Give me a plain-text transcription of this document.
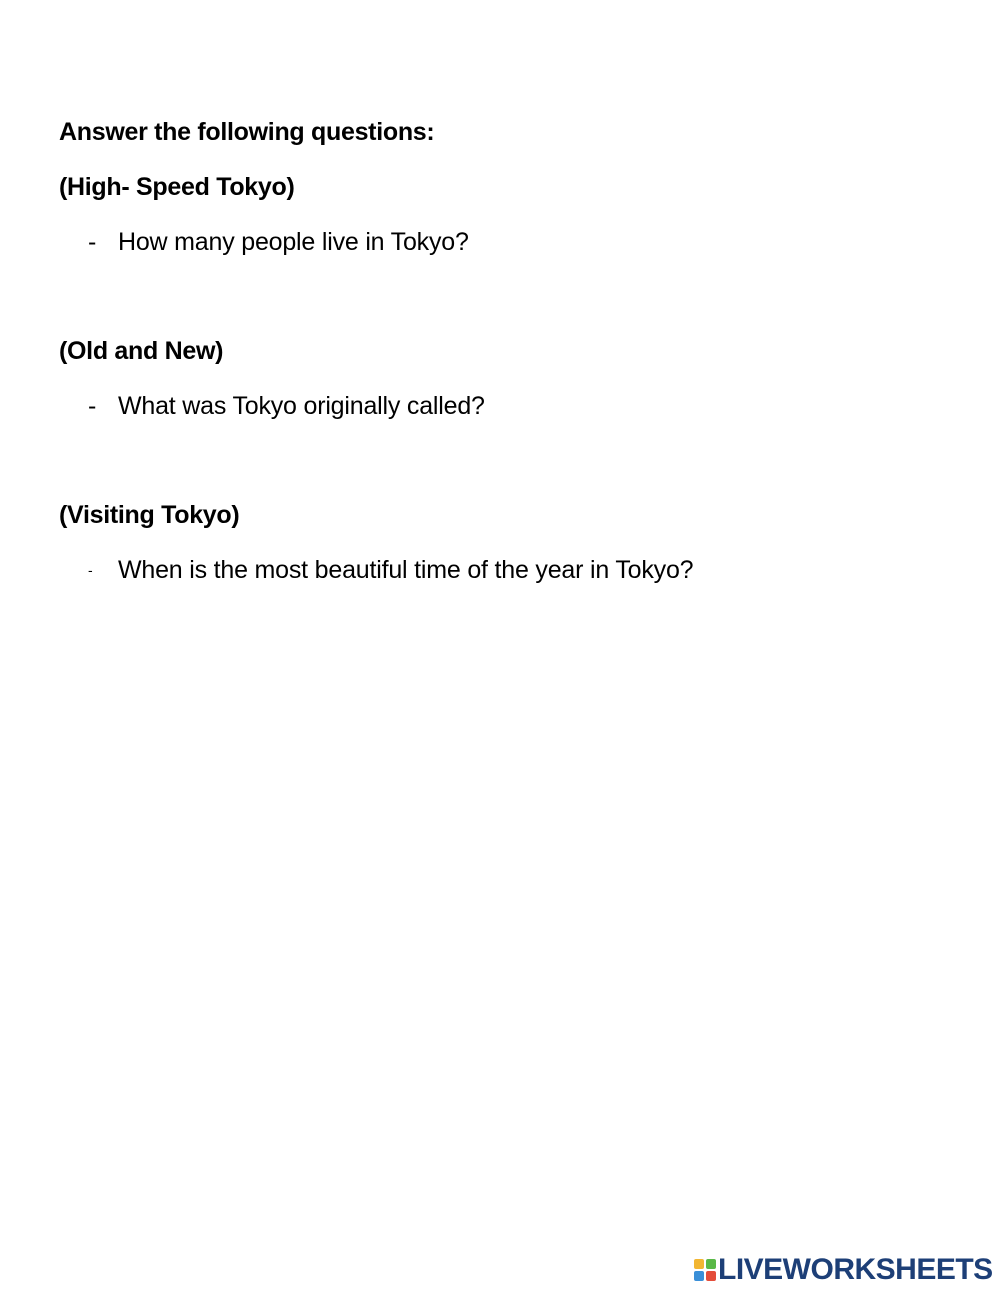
Answer the following questions:
(High- Speed Tokyo)
- How many people live in Tokyo?
(Old and New)
- What was Tokyo originally called?
(Visiting Tokyo)
- When is the most beautiful time of the year in Tokyo?
LIVEWORKSHEETS
